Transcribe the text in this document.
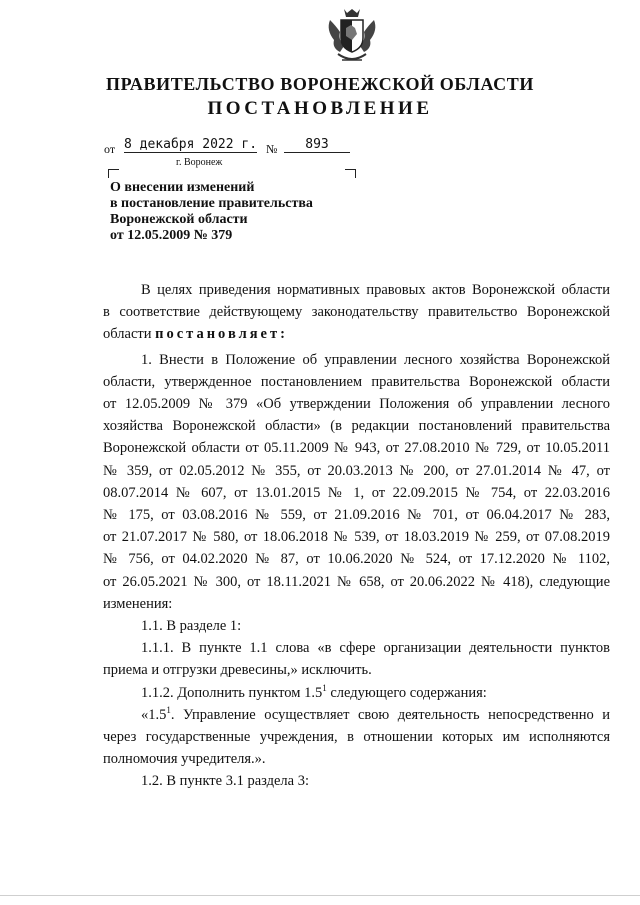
ПРАВИТЕЛЬСТВО ВОРОНЕЖСКОЙ ОБЛАСТИ
ПОСТАНОВЛЕНИЕ
от 8 декабря 2022 г. №	893
г. Воронеж
О внесении изменений
в постановление правительства
Воронежской области
от 12.05.2009 № 379

В целях приведения нормативных правовых актов Воронежской области

в соответствие действующему законодательству правительство Воронежской

области постановляет:

1. Внести в Положение об управлении лесного хозяйства Воронежской

области, утвержденное постановлением правительства Воронежской области

от 12.05.2009 № 379 «Об утверждении Положения об управлении лесного

хозяйства Воронежской области» (в редакции постановлений правительства

Воронежской области от 05.11.2009 № 943, от 27.08.2010 № 729, от 10.05.2011

№ 359, от 02.05.2012 № 355, от 20.03.2013 № 200, от 27.01.2014 № 47, от

08.07.2014 № 607, от 13.01.2015 № 1, от 22.09.2015 № 754, от 22.03.2016

№ 175, от 03.08.2016 № 559, от 21.09.2016 № 701, от 06.04.2017 № 283,

от 21.07.2017 № 580, от 18.06.2018 № 539, от 18.03.2019 № 259, от 07.08.2019

№ 756, от 04.02.2020 № 87, от 10.06.2020 № 524, от 17.12.2020 № 1102,

от 26.05.2021 № 300, от 18.11.2021 № 658, от 20.06.2022 № 418), следующие

изменения:

1.1. В разделе 1:

1.1.1. В пункте 1.1 слова «в сфере организации деятельности пунктов

приема и отгрузки древесины,» исключить.

1.1.2. Дополнить пунктом $1.5^1$ следующего содержания:

«$1.5^1$. Управление осуществляет свою деятельность непосредственно и

через государственные учреждения, в отношении которых им исполняются

полномочия учредителя.».

1.2. В пункте 3.1 раздела 3:
